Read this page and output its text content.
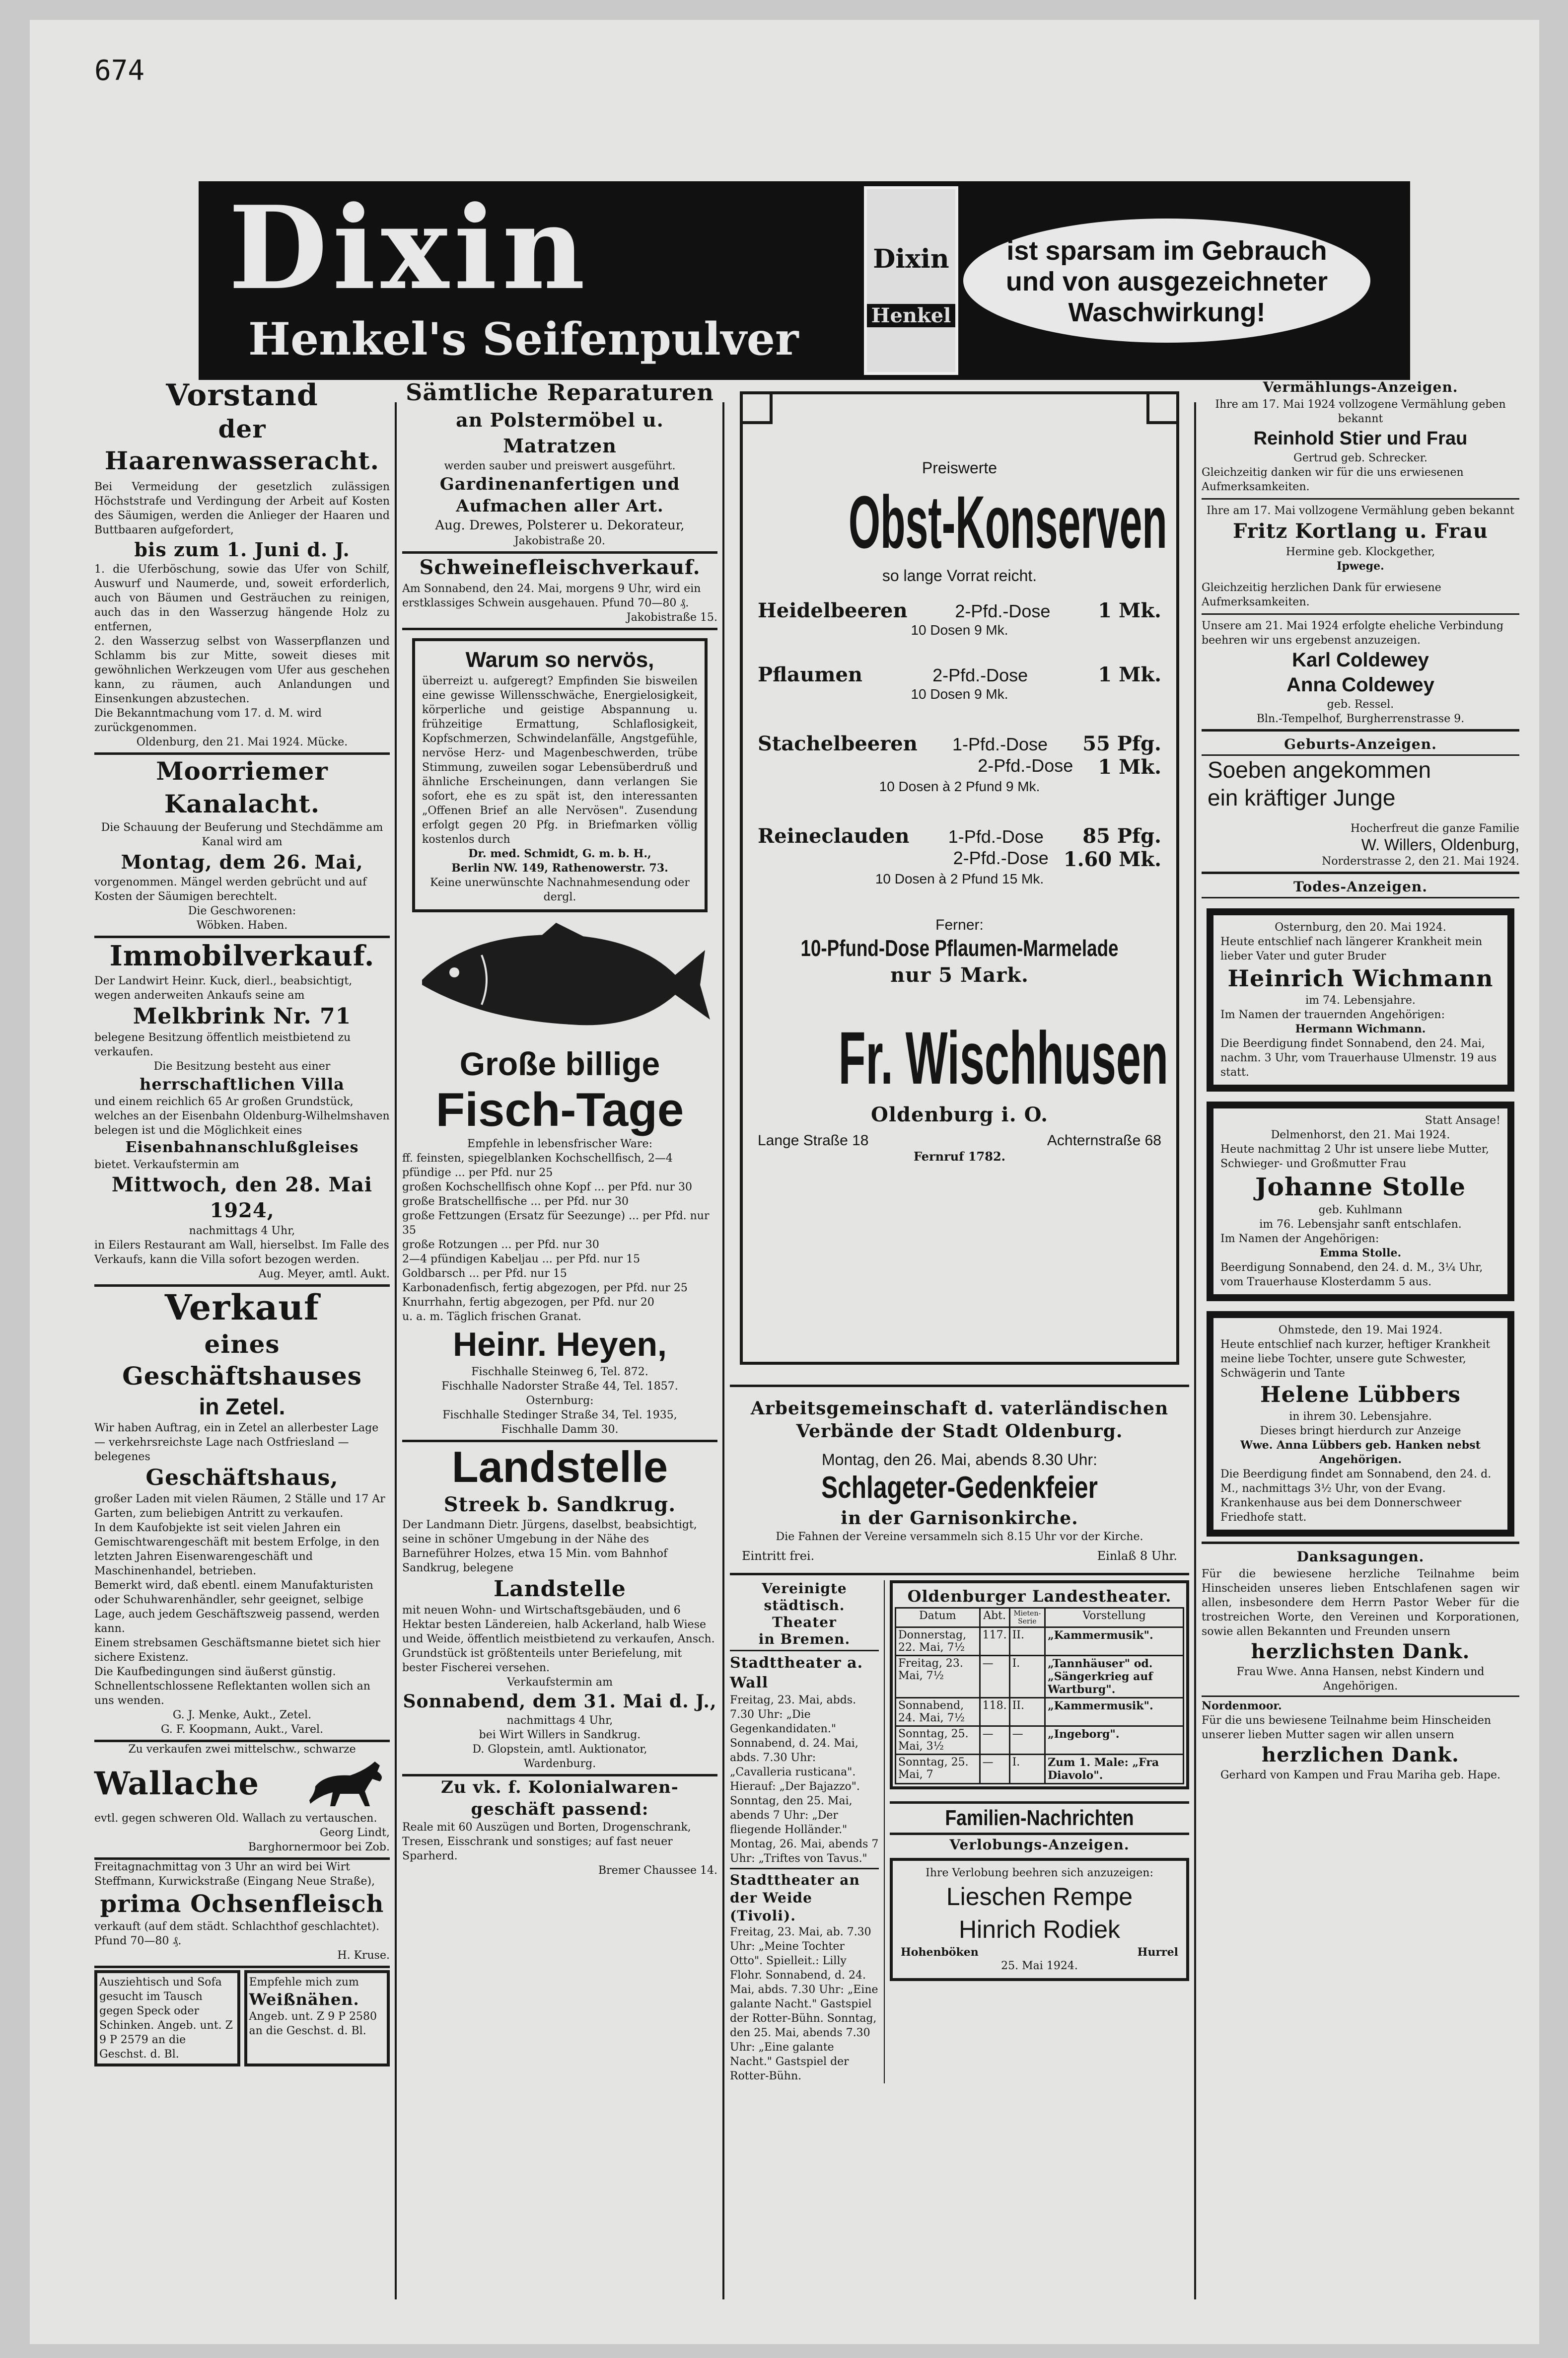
674
Dixin
Henkel's Seifenpulver
Dixin
Henkel
ist sparsam im Gebrauch
und von ausgezeichneter
Waschwirkung!
Vorstand
der Haarenwasseracht.
Bei Vermeidung der gesetzlich zulässigen Höchststrafe und Verdingung der Arbeit auf Kosten des Säumigen, werden die Anlieger der Haaren und Buttbaaren aufgefordert,
bis zum 1. Juni d. J.
1. die Uferböschung, sowie das Ufer von Schilf, Auswurf und Naumerde, und, soweit erforderlich, auch von Bäumen und Gesträuchen zu reinigen, auch das in den Wasserzug hängende Holz zu entfernen,
2. den Wasserzug selbst von Wasserpflanzen und Schlamm bis zur Mitte, soweit dieses mit gewöhnlichen Werkzeugen vom Ufer aus geschehen kann, zu räumen, auch Anlandungen und Einsenkungen abzustechen.
Die Bekanntmachung vom 17. d. M. wird zurückgenommen.
Oldenburg, den 21. Mai 1924. Mücke.
Moorriemer Kanalacht.
Die Schauung der Beuferung und Stechdämme am Kanal wird am
Montag, dem 26. Mai,
vorgenommen. Mängel werden gebrücht und auf Kosten der Säumigen berechtelt.
Die Geschworenen:
Wöbken. Haben.
Immobilverkauf.
Der Landwirt Heinr. Kuck, dierl., beabsichtigt, wegen anderweiten Ankaufs seine am
Melkbrink Nr. 71
belegene Besitzung öffentlich meistbietend zu verkaufen.
Die Besitzung besteht aus einer
herrschaftlichen Villa
und einem reichlich 65 Ar großen Grundstück, welches an der Eisenbahn Oldenburg-Wilhelmshaven belegen ist und die Möglichkeit eines
Eisenbahnanschlußgleises
bietet. Verkaufstermin am
Mittwoch, den 28. Mai 1924,
nachmittags 4 Uhr,
in Eilers Restaurant am Wall, hierselbst. Im Falle des Verkaufs, kann die Villa sofort bezogen werden.
Aug. Meyer, amtl. Aukt.
Verkauf
eines Geschäftshauses
in Zetel.
Wir haben Auftrag, ein in Zetel an allerbester Lage — verkehrsreichste Lage nach Ostfriesland — belegenes
Geschäftshaus,
großer Laden mit vielen Räumen, 2 Ställe und 17 Ar Garten, zum beliebigen Antritt zu verkaufen.
In dem Kaufobjekte ist seit vielen Jahren ein Gemischtwarengeschäft mit bestem Erfolge, in den letzten Jahren Eisenwarengeschäft und Maschinenhandel, betrieben.
Bemerkt wird, daß ebentl. einem Manufakturisten oder Schuhwarenhändler, sehr geeignet, selbige Lage, auch jedem Geschäftszweig passend, werden kann.
Einem strebsamen Geschäftsmanne bietet sich hier sichere Existenz.
Die Kaufbedingungen sind äußerst günstig. Schnellentschlossene Reflektanten wollen sich an uns wenden.
G. J. Menke, Aukt., Zetel.
G. F. Koopmann, Aukt., Varel.
Zu verkaufen zwei mittelschw., schwarze
Wallache
evtl. gegen schweren Old. Wallach zu vertauschen.
Georg Lindt,
Barghornermoor bei Zob.
Freitagnachmittag von 3 Uhr an wird bei Wirt Steffmann, Kurwickstraße (Eingang Neue Straße),
prima Ochsenfleisch
verkauft (auf dem städt. Schlachthof geschlachtet). Pfund 70—80 ₰.
H. Kruse.
Ausziehtisch und Sofa gesucht im Tausch gegen Speck oder Schinken. Angeb. unt. Z 9 P 2579 an die Geschst. d. Bl.
Empfehle mich zum
Weißnähen.
Angeb. unt. Z 9 P 2580 an die Geschst. d. Bl.
Sämtliche Reparaturen
an Polstermöbel u. Matratzen
werden sauber und preiswert ausgeführt.
Gardinenanfertigen und
Aufmachen aller Art.
Aug. Drewes, Polsterer u. Dekorateur,
Jakobistraße 20.
Schweinefleischverkauf.
Am Sonnabend, den 24. Mai, morgens 9 Uhr, wird ein erstklassiges Schwein ausgehauen. Pfund 70—80 ₰.
Jakobistraße 15.
Warum so nervös,
überreizt u. aufgeregt? Empfinden Sie bisweilen eine gewisse Willensschwäche, Energielosigkeit, körperliche und geistige Abspannung u. frühzeitige Ermattung, Schlaflosigkeit, Kopfschmerzen, Schwindelanfälle, Angstgefühle, nervöse Herz- und Magenbeschwerden, trübe Stimmung, zuweilen sogar Lebensüberdruß und ähnliche Erscheinungen, dann verlangen Sie sofort, ehe es zu spät ist, den interessanten „Offenen Brief an alle Nervösen". Zusendung erfolgt gegen 20 Pfg. in Briefmarken völlig kostenlos durch
Dr. med. Schmidt, G. m. b. H.,
Berlin NW. 149, Rathenowerstr. 73.
Keine unerwünschte Nachnahmesendung oder dergl.
Große billige
Fisch-Tage
Empfehle in lebensfrischer Ware:
ff. feinsten, spiegelblanken Kochschellfisch, 2—4 pfündige ... per Pfd. nur 25
großen Kochschellfisch ohne Kopf ... per Pfd. nur 30
große Bratschellfische ... per Pfd. nur 30
große Fettzungen (Ersatz für Seezunge) ... per Pfd. nur 35
große Rotzungen ... per Pfd. nur 30
2—4 pfündigen Kabeljau ... per Pfd. nur 15
Goldbarsch ... per Pfd. nur 15
Karbonadenfisch, fertig abgezogen, per Pfd. nur 25
Knurrhahn, fertig abgezogen, per Pfd. nur 20
u. a. m. Täglich frischen Granat.
Heinr. Heyen,
Fischhalle Steinweg 6, Tel. 872.
Fischhalle Nadorster Straße 44, Tel. 1857.
Osternburg:
Fischhalle Stedinger Straße 34, Tel. 1935,
Fischhalle Damm 30.
Landstelle
Streek b. Sandkrug.
Der Landmann Dietr. Jürgens, daselbst, beabsichtigt, seine in schöner Umgebung in der Nähe des Barneführer Holzes, etwa 15 Min. vom Bahnhof Sandkrug, belegene
Landstelle
mit neuen Wohn- und Wirtschaftsgebäuden, und 6 Hektar besten Ländereien, halb Ackerland, halb Wiese und Weide, öffentlich meistbietend zu verkaufen, Ansch. Grundstück ist größtenteils unter Beriefelung, mit bester Fischerei versehen.
Verkaufstermin am
Sonnabend, dem 31. Mai d. J.,
nachmittags 4 Uhr,
bei Wirt Willers in Sandkrug.
D. Glopstein, amtl. Auktionator,
Wardenburg.
Zu vk. f. Kolonialwaren-
geschäft passend:
Reale mit 60 Auszügen und Borten, Drogenschrank, Tresen, Eisschrank und sonstiges; auf fast neuer Sparherd.
Bremer Chaussee 14.
Preiswerte
Obst-Konserven
so lange Vorrat reicht.
Heidelbeeren	2-Pfd.-Dose 1 Mk.
10 Dosen 9 Mk.
Pflaumen	2-Pfd.-Dose	1 Mk.
10 Dosen 9 Mk.
Stachelbeeren 1-Pfd.-Dose 55 Pfg.
2-Pfd.-Dose 1 Mk.
10 Dosen à 2 Pfund 9 Mk.
Reineclauden 1-Pfd.-Dose 85 Pfg.
2-Pfd.-Dose 1.60 Mk.
10 Dosen à 2 Pfund 15 Mk.
Ferner:
10-Pfund-Dose Pflaumen-Marmelade
nur 5 Mark.
Fr. Wischhusen
Oldenburg i. O.
Lange Straße 18	Achternstraße 68
Fernruf 1782.
Arbeitsgemeinschaft d. vaterländischen
Verbände der Stadt Oldenburg.
Montag, den 26. Mai, abends 8.30 Uhr:
Schlageter-Gedenkfeier
in der Garnisonkirche.
Die Fahnen der Vereine versammeln sich 8.15 Uhr vor der Kirche.
Eintritt frei.	Einlaß 8 Uhr.
Vereinigte
städtisch. Theater
in Bremen.
Stadttheater a. Wall
Freitag, 23. Mai, abds. 7.30 Uhr: „Die Gegenkandidaten." Sonnabend, d. 24. Mai, abds. 7.30 Uhr: „Cavalleria rusticana". Hierauf: „Der Bajazzo". Sonntag, den 25. Mai, abends 7 Uhr: „Der fliegende Holländer." Montag, 26. Mai, abends 7 Uhr: „Triftes von Tavus."
Stadttheater an der Weide (Tivoli).
Freitag, 23. Mai, ab. 7.30 Uhr: „Meine Tochter Otto". Spielleit.: Lilly Flohr. Sonnabend, d. 24. Mai, abds. 7.30 Uhr: „Eine galante Nacht." Gastspiel der Rotter-Bühn. Sonntag, den 25. Mai, abends 7.30 Uhr: „Eine galante Nacht." Gastspiel der Rotter-Bühn.
Oldenburger Landestheater.
Datum	Abt.	Mieten-Serie	Vorstellung
Donnerstag, 22. Mai, 7½	117.	II.	„Kammermusik".
Freitag, 23. Mai, 7½	—	I.	„Tannhäuser" od. „Sängerkrieg auf Wartburg".
Sonnabend, 24. Mai, 7½	118.	II.	„Kammermusik".
Sonntag, 25. Mai, 3½	—	—	„Ingeborg".
Sonntag, 25. Mai, 7	—	I.	Zum 1. Male: „Fra Diavolo".
Familien-Nachrichten
Verlobungs-Anzeigen.
Ihre Verlobung beehren sich anzuzeigen:
Lieschen Rempe
Hinrich Rodiek
Hohenböken	Hurrel
25. Mai 1924.
Vermählungs-Anzeigen.
Ihre am 17. Mai 1924 vollzogene Vermählung geben bekannt
Reinhold Stier und Frau
Gertrud geb. Schrecker.
Gleichzeitig danken wir für die uns erwiesenen Aufmerksamkeiten.
Ihre am 17. Mai vollzogene Vermählung geben bekannt
Fritz Kortlang u. Frau
Hermine geb. Klockgether,
Ipwege.
Gleichzeitig herzlichen Dank für erwiesene Aufmerksamkeiten.
Unsere am 21. Mai 1924 erfolgte eheliche Verbindung beehren wir uns ergebenst anzuzeigen.
Karl Coldewey
Anna Coldewey
geb. Ressel.
Bln.-Tempelhof, Burgherrenstrasse 9.
Geburts-Anzeigen.
Soeben angekommen
ein kräftiger Junge
Hocherfreut die ganze Familie
W. Willers, Oldenburg,
Norderstrasse 2, den 21. Mai 1924.
Todes-Anzeigen.
Osternburg, den 20. Mai 1924.
Heute entschlief nach längerer Krankheit mein lieber Vater und guter Bruder
Heinrich Wichmann
im 74. Lebensjahre.
Im Namen der trauernden Angehörigen:
Hermann Wichmann.
Die Beerdigung findet Sonnabend, den 24. Mai, nachm. 3 Uhr, vom Trauerhause Ulmenstr. 19 aus statt.
Statt Ansage!
Delmenhorst, den 21. Mai 1924.
Heute nachmittag 2 Uhr ist unsere liebe Mutter, Schwieger- und Großmutter Frau
Johanne Stolle
geb. Kuhlmann
im 76. Lebensjahr sanft entschlafen.
Im Namen der Angehörigen:
Emma Stolle.
Beerdigung Sonnabend, den 24. d. M., 3¼ Uhr, vom Trauerhause Klosterdamm 5 aus.
Ohmstede, den 19. Mai 1924.
Heute entschlief nach kurzer, heftiger Krankheit meine liebe Tochter, unsere gute Schwester, Schwägerin und Tante
Helene Lübbers
in ihrem 30. Lebensjahre.
Dieses bringt hierdurch zur Anzeige
Wwe. Anna Lübbers geb. Hanken nebst Angehörigen.
Die Beerdigung findet am Sonnabend, den 24. d. M., nachmittags 3½ Uhr, von der Evang. Krankenhause aus bei dem Donnerschweer Friedhofe statt.
Danksagungen.
Für die bewiesene herzliche Teilnahme beim Hinscheiden unseres lieben Entschlafenen sagen wir allen, insbesondere dem Herrn Pastor Weber für die trostreichen Worte, den Vereinen und Korporationen, sowie allen Bekannten und Freunden unsern
herzlichsten Dank.
Frau Wwe. Anna Hansen, nebst Kindern und Angehörigen.
Nordenmoor.
Für die uns bewiesene Teilnahme beim Hinscheiden unserer lieben Mutter sagen wir allen unsern
herzlichen Dank.
Gerhard von Kampen und Frau Mariha geb. Hape.
